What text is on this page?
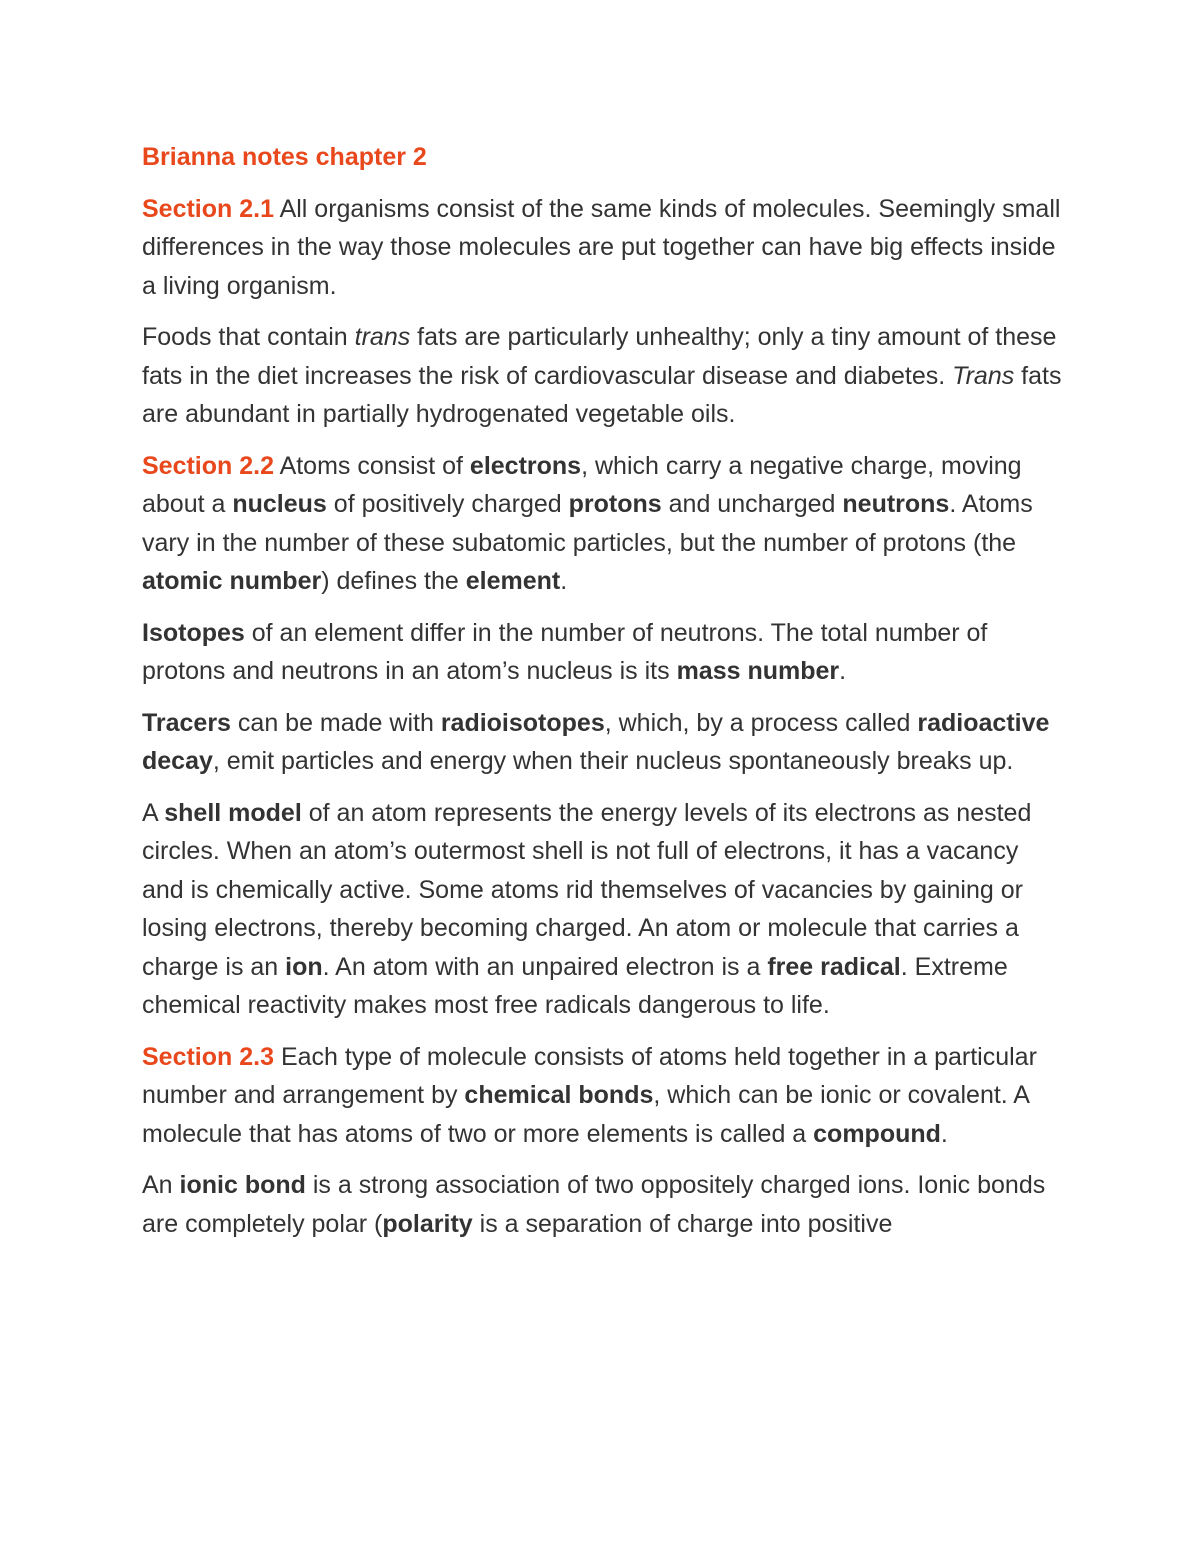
Brianna notes chapter 2

Section 2.1 All organisms consist of the same kinds of molecules. Seemingly small differences in the way those molecules are put together can have big effects inside a living organism.

Foods that contain trans fats are particularly unhealthy; only a tiny amount of these fats in the diet increases the risk of cardiovascular disease and diabetes. Trans fats are abundant in partially hydrogenated vegetable oils.

Section 2.2 Atoms consist of electrons, which carry a negative charge, moving about a nucleus of positively charged protons and uncharged neutrons. Atoms vary in the number of these subatomic particles, but the number of protons (the atomic number) defines the element.

Isotopes of an element differ in the number of neutrons. The total number of protons and neutrons in an atom’s nucleus is its mass number.

Tracers can be made with radioisotopes, which, by a process called radioactive decay, emit particles and energy when their nucleus spontaneously breaks up.

A shell model of an atom represents the energy levels of its electrons as nested circles. When an atom’s outermost shell is not full of electrons, it has a vacancy and is chemically active. Some atoms rid themselves of vacancies by gaining or losing electrons, thereby becoming charged. An atom or molecule that carries a charge is an ion. An atom with an unpaired electron is a free radical. Extreme chemical reactivity makes most free radicals dangerous to life.

Section 2.3 Each type of molecule consists of atoms held together in a particular number and arrangement by chemical bonds, which can be ionic or covalent. A molecule that has atoms of two or more elements is called a compound.

An ionic bond is a strong association of two oppositely charged ions. Ionic bonds are completely polar (polarity is a separation of charge into positive
